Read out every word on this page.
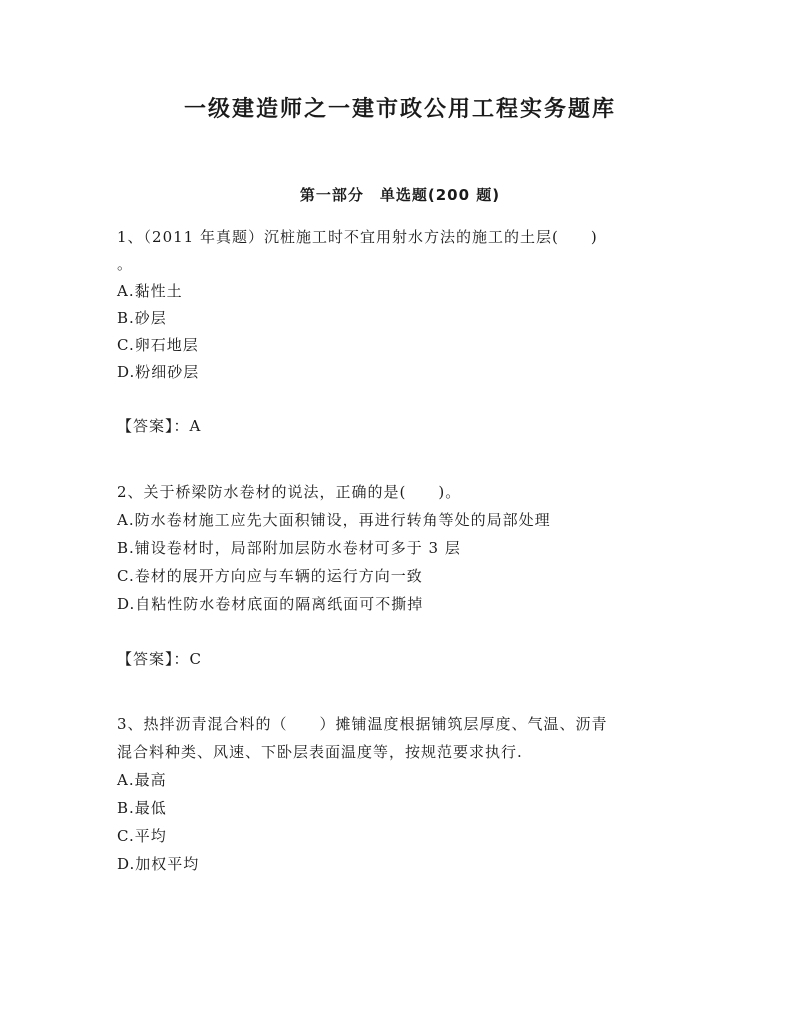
一级建造师之一建市政公用工程实务题库
第一部分　单选题(200 题)
1、（2011 年真题）沉桩施工时不宜用射水方法的施工的土层(　　)
。
A.黏性土
B.砂层
C.卵石地层
D.粉细砂层
【答案】：A
2、关于桥梁防水卷材的说法，正确的是(　　)。
A.防水卷材施工应先大面积铺设，再进行转角等处的局部处理
B.铺设卷材时，局部附加层防水卷材可多于 3 层
C.卷材的展开方向应与车辆的运行方向一致
D.自粘性防水卷材底面的隔离纸面可不撕掉
【答案】：C
3、热拌沥青混合料的（　　）摊铺温度根据铺筑层厚度、气温、沥青
混合料种类、风速、下卧层表面温度等，按规范要求执行.
A.最高
B.最低
C.平均
D.加权平均
